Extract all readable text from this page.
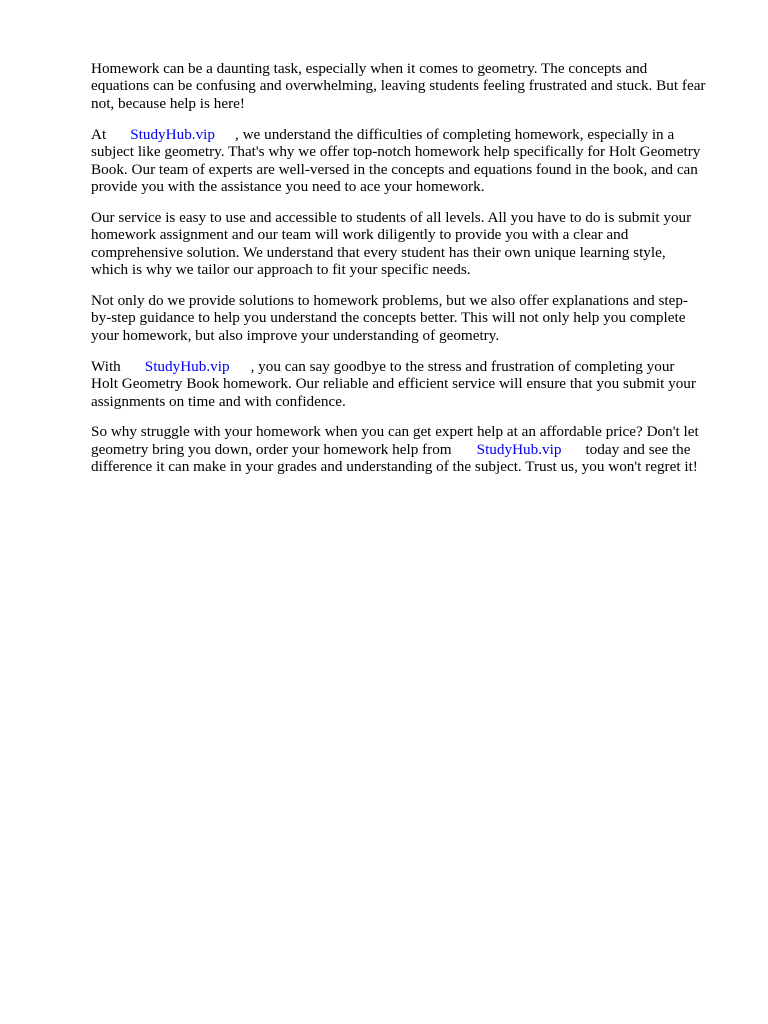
Homework can be a daunting task, especially when it comes to geometry. The concepts and
equations can be confusing and overwhelming, leaving students feeling frustrated and stuck. But fear
not, because help is here!

At StudyHub.vip , we understand the difficulties of completing homework, especially in a
subject like geometry. That's why we offer top-notch homework help specifically for Holt Geometry
Book. Our team of experts are well-versed in the concepts and equations found in the book, and can
provide you with the assistance you need to ace your homework.

Our service is easy to use and accessible to students of all levels. All you have to do is submit your
homework assignment and our team will work diligently to provide you with a clear and
comprehensive solution. We understand that every student has their own unique learning style,
which is why we tailor our approach to fit your specific needs.

Not only do we provide solutions to homework problems, but we also offer explanations and step-
by-step guidance to help you understand the concepts better. This will not only help you complete
your homework, but also improve your understanding of geometry.

With StudyHub.vip , you can say goodbye to the stress and frustration of completing your
Holt Geometry Book homework. Our reliable and efficient service will ensure that you submit your
assignments on time and with confidence.

So why struggle with your homework when you can get expert help at an affordable price? Don't let
geometry bring you down, order your homework help from StudyHub.vip today and see the
difference it can make in your grades and understanding of the subject. Trust us, you won't regret it!
